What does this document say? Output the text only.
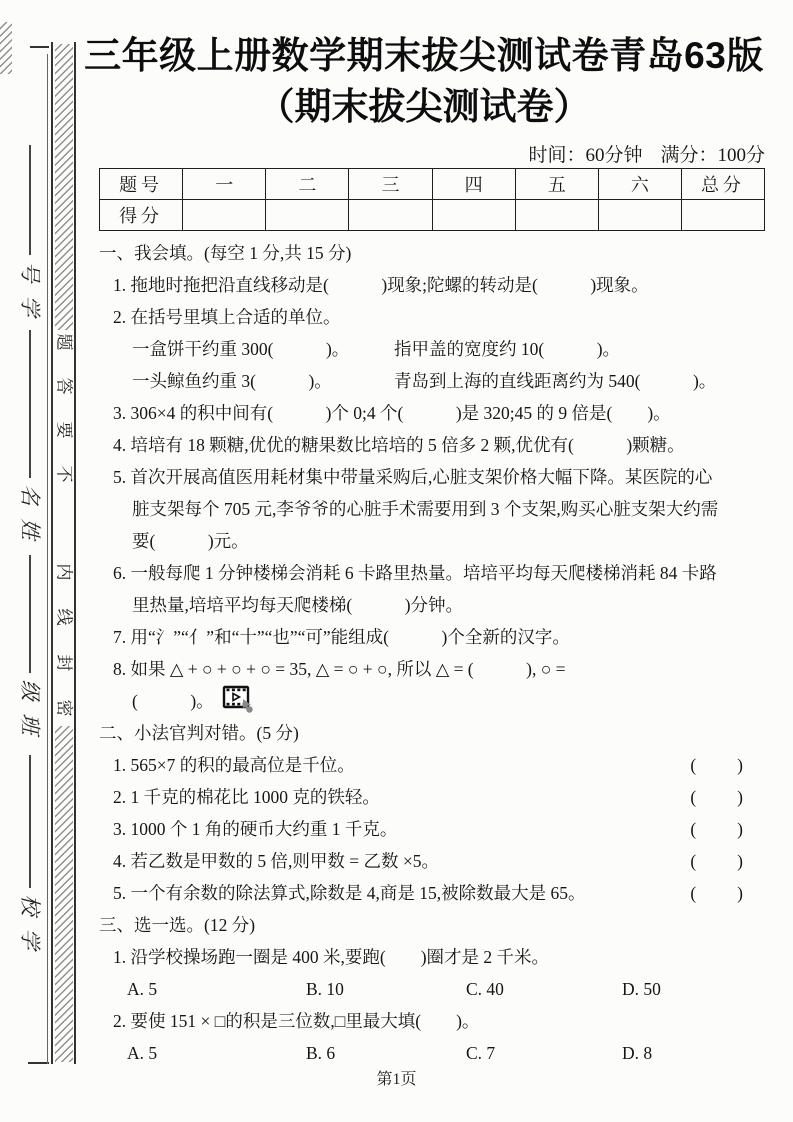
题
答
要
不
内
线
封
密
号
学
名
姓
级
班
校
学
三年级上册数学期末拔尖测试卷青岛63版
（期末拔尖测试卷）
时间：60分钟 满分：100分
题号	一	二	三	四	五	六	总分
得分							
一、我会填。(每空 1 分,共 15 分)
1. 拖地时拖把沿直线移动是(　　　)现象;陀螺的转动是(　　　)现象。
2. 在括号里填上合适的单位。
一盒饼干约重 300(　　　)。	指甲盖的宽度约 10(　　　)。
一头鲸鱼约重 3(　　　)。	青岛到上海的直线距离约为 540(　　　)。
3. 306×4 的积中间有(　　　)个 0;4 个(　　　)是 320;45 的 9 倍是(　　)。
4. 培培有 18 颗糖,优优的糖果数比培培的 5 倍多 2 颗,优优有(　　　)颗糖。
5. 首次开展高值医用耗材集中带量采购后,心脏支架价格大幅下降。某医院的心
脏支架每个 705 元,李爷爷的心脏手术需要用到 3 个支架,购买心脏支架大约需
要(　　　)元。
6. 一般每爬 1 分钟楼梯会消耗 6 卡路里热量。培培平均每天爬楼梯消耗 84 卡路
里热量,培培平均每天爬楼梯(　　　)分钟。
7. 用“氵”“亻”和“十”“也”“可”能组成(　　　)个全新的汉字。
8. 如果 △ + ○ + ○ + ○ = 35, △ = ○ + ○, 所以 △ = (　　　), ○ =
(　　　)。
二、小法官判对错。(5 分)
1. 565×7 的积的最高位是千位。	(　　)
2. 1 千克的棉花比 1000 克的铁轻。	(　　)
3. 1000 个 1 角的硬币大约重 1 千克。	(　　)
4. 若乙数是甲数的 5 倍,则甲数 = 乙数 ×5。	(　　)
5. 一个有余数的除法算式,除数是 4,商是 15,被除数最大是 65。	(　　)
三、选一选。(12 分)
1. 沿学校操场跑一圈是 400 米,要跑(　　)圈才是 2 千米。
A. 5	B. 10	C. 40	D. 50
2. 要使 151 × □的积是三位数,□里最大填(　　)。
A. 5	B. 6	C. 7	D. 8
第1页
